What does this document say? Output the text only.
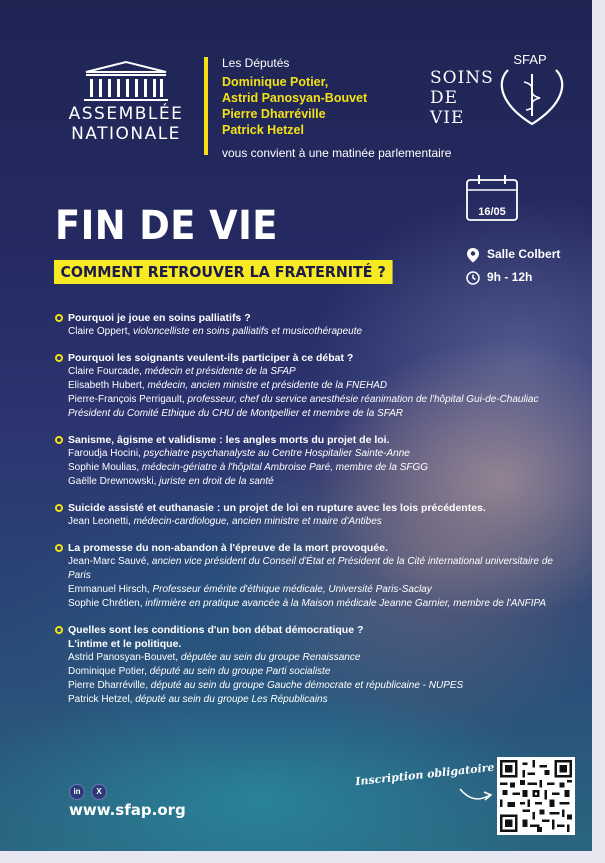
ASSEMBLÉE
NATIONALE
Les Députés
Dominique Potier,
Astrid Panosyan-Bouvet
Pierre Dharréville
Patrick Hetzel
vous convient à une matinée parlementaire
SOINS
DE VIE
SFAP
FIN DE VIE
COMMENT RETROUVER LA FRATERNITÉ ?
16/05
Salle Colbert
9h - 12h
Pourquoi je joue en soins palliatifs ?
Claire Oppert, violoncelliste en soins palliatifs et musicothérapeute
Pourquoi les soignants veulent-ils participer à ce débat ?
Claire Fourcade, médecin et présidente de la SFAP
Elisabeth Hubert, médecin, ancien ministre et présidente de la FNEHAD
Pierre-François Perrigault, professeur, chef du service anesthésie réanimation de l'hôpital Gui-de-Chauliac Président du Comité Ethique du CHU de Montpellier et membre de la SFAR
Sanisme, âgisme et validisme : les angles morts du projet de loi.
Faroudja Hocini, psychiatre psychanalyste au Centre Hospitalier Sainte-Anne
Sophie Moulias, médecin-gériatre à l'hôpital Ambroise Paré, membre de la SFGG
Gaëlle Drewnowski, juriste en droit de la santé
Suicide assisté et euthanasie : un projet de loi en rupture avec les lois précédentes.
Jean Leonetti, médecin-cardiologue, ancien ministre et maire d'Antibes
La promesse du non-abandon à l'épreuve de la mort provoquée.
Jean-Marc Sauvé, ancien vice président du Conseil d'État et Président de la Cité international universitaire de Paris
Emmanuel Hirsch, Professeur émérite d'éthique médicale, Université Paris-Saclay
Sophie Chrétien, infirmière en pratique avancée à la Maison médicale Jeanne Garnier, membre de l'ANFIPA
Quelles sont les conditions d'un bon débat démocratique ?
L'intime et le politique.
Astrid Panosyan-Bouvet, députée au sein du groupe Renaissance
Dominique Potier, député au sein du groupe Parti socialiste
Pierre Dharréville, député au sein du groupe Gauche démocrate et républicaine - NUPES
Patrick Hetzel, député au sein du groupe Les Républicains
in X
www.sfap.org
Inscription obligatoire
